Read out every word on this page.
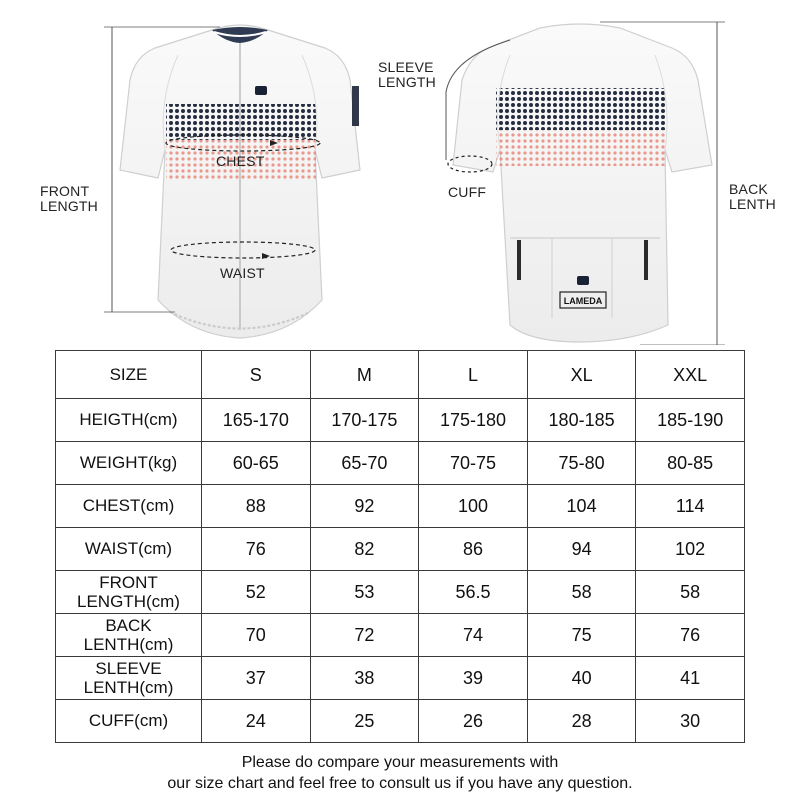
LAMEDA
FRONT
LENGTH
CHEST
WAIST
SLEEVE
LENGTH
CUFF	BACK
LENTH
SIZE	S	M	L	XL	XXL
HEIGTH(cm)	165-170	170-175	175-180	180-185	185-190
WEIGHT(kg)	60-65	65-70	70-75	75-80	80-85
CHEST(cm)	88	92	100	104	114
WAIST(cm)	76	82	86	94	102

FRONT
LENGTH(cm)	52	53	56.5	58	58

BACK
LENTH(cm)	70	72	74	75	76

SLEEVE
LENTH(cm)	37	38	39	40	41
CUFF(cm)	24	25	26	28	30
Please do compare your measurements with
our size chart and feel free to consult us if you have any question.
